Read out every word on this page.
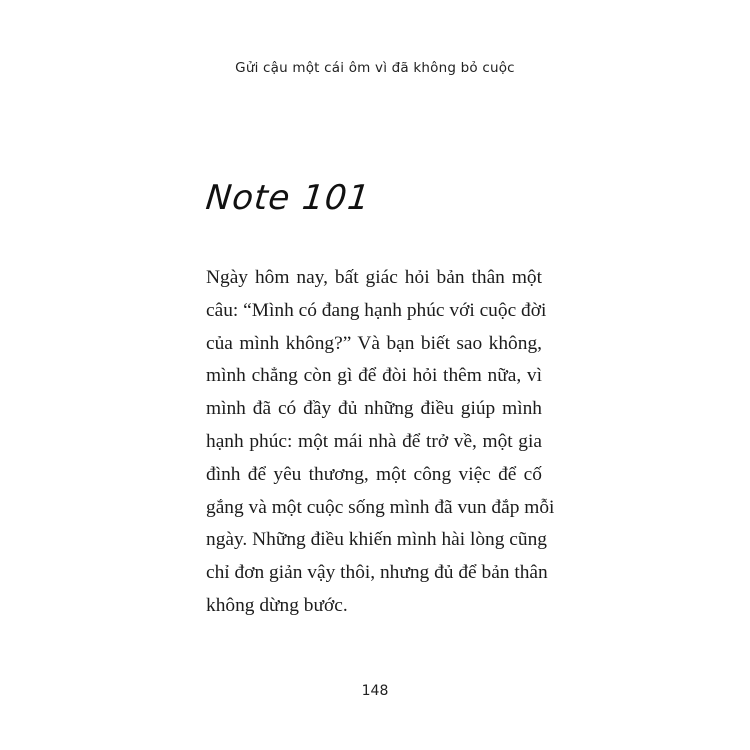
Gửi cậu một cái ôm vì đã không bỏ cuộc
Note 101
Ngày hôm nay, bất giác hỏi bản thân một
câu: “Mình có đang hạnh phúc với cuộc đời
của mình không?” Và bạn biết sao không,
mình chẳng còn gì để đòi hỏi thêm nữa, vì
mình đã có đầy đủ những điều giúp mình
hạnh phúc: một mái nhà để trở về, một gia
đình để yêu thương, một công việc để cố
gắng và một cuộc sống mình đã vun đắp mỗi
ngày. Những điều khiến mình hài lòng cũng
chỉ đơn giản vậy thôi, nhưng đủ để bản thân
không dừng bước.
148
